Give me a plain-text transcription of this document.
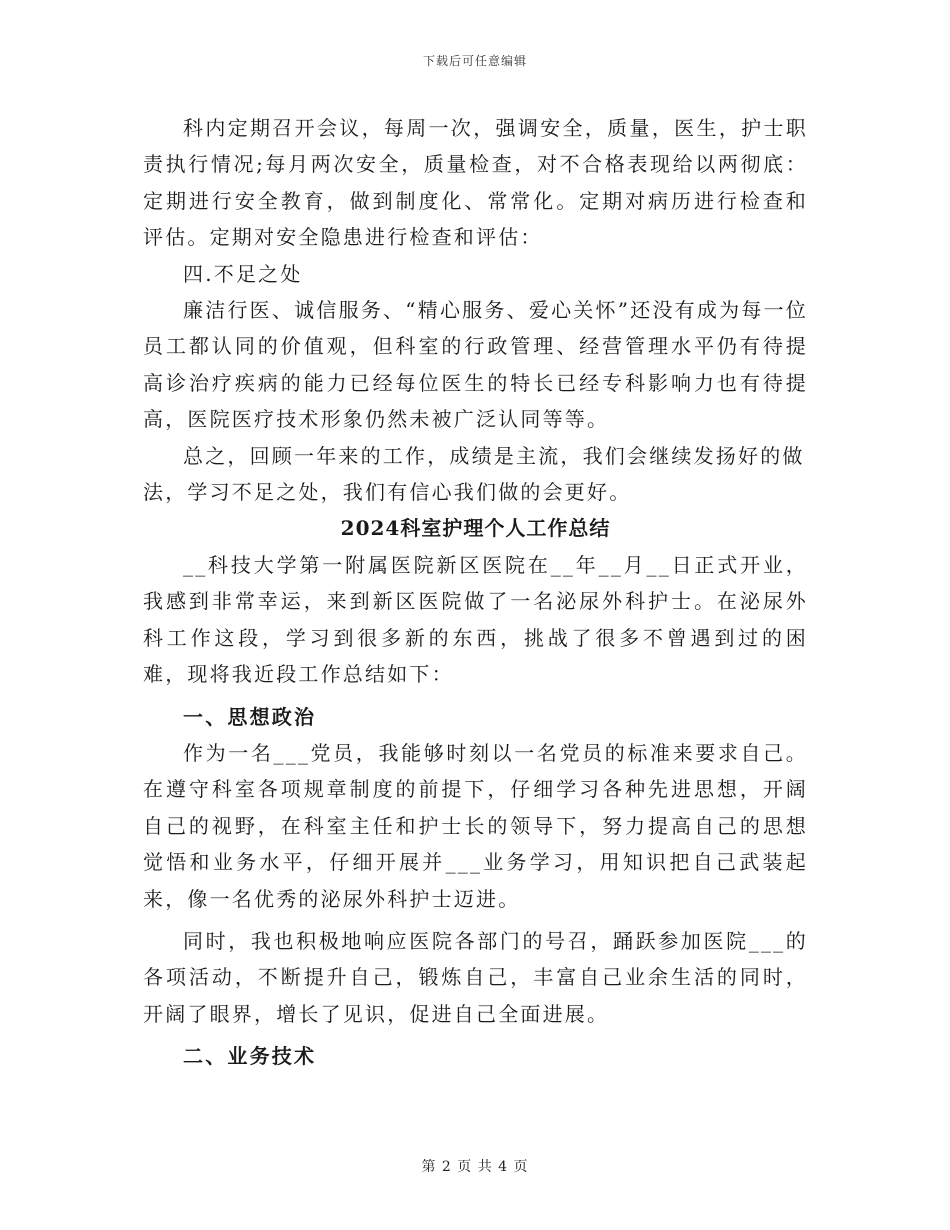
下载后可任意编辑

科内定期召开会议，每周一次，强调安全，质量，医生，护士职责执行情况;每月两次安全，质量检查，对不合格表现给以两彻底：定期进行安全教育，做到制度化、常常化。定期对病历进行检查和评估。定期对安全隐患进行检查和评估：

四.不足之处

廉洁行医、诚信服务、“精心服务、爱心关怀”还没有成为每一位员工都认同的价值观，但科室的行政管理、经营管理水平仍有待提高诊治疗疾病的能力已经每位医生的特长已经专科影响力也有待提高，医院医疗技术形象仍然未被广泛认同等等。

总之，回顾一年来的工作，成绩是主流，我们会继续发扬好的做法，学习不足之处，我们有信心我们做的会更好。

2024科室护理个人工作总结

__科技大学第一附属医院新区医院在__年__月__日正式开业，我感到非常幸运，来到新区医院做了一名泌尿外科护士。在泌尿外科工作这段，学习到很多新的东西，挑战了很多不曾遇到过的困难，现将我近段工作总结如下：

一、思想政治

作为一名___党员，我能够时刻以一名党员的标准来要求自己。在遵守科室各项规章制度的前提下，仔细学习各种先进思想，开阔自己的视野，在科室主任和护士长的领导下，努力提高自己的思想觉悟和业务水平，仔细开展并___业务学习，用知识把自己武装起来，像一名优秀的泌尿外科护士迈进。

同时，我也积极地响应医院各部门的号召，踊跃参加医院___的各项活动，不断提升自己，锻炼自己，丰富自己业余生活的同时，开阔了眼界，增长了见识，促进自己全面进展。

二、业务技术

第 2 页 共 4 页
